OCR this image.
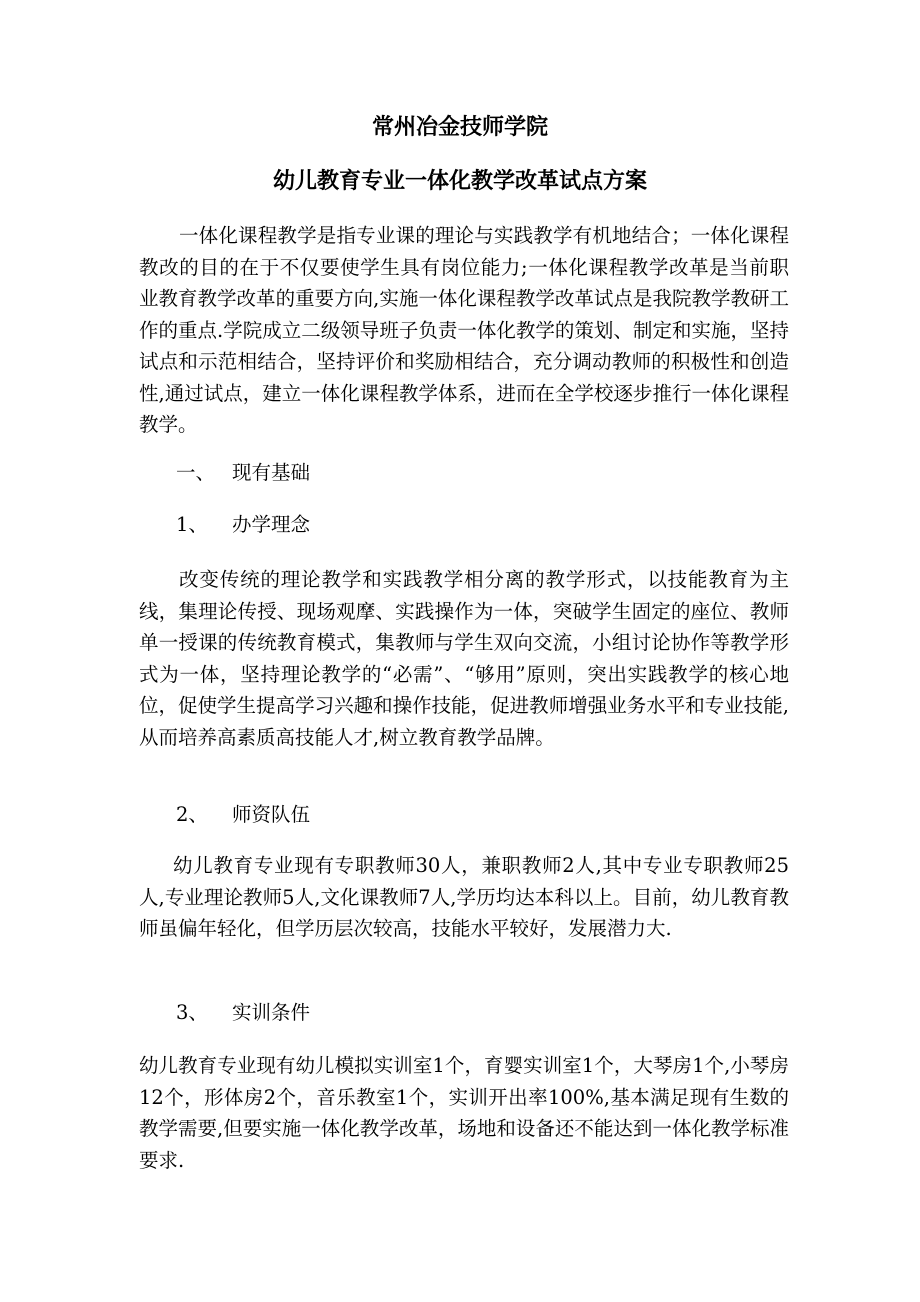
常州冶金技师学院
幼儿教育专业一体化教学改革试点方案

一体化课程教学是指专业课的理论与实践教学有机地结合；一体化课程教改的目的在于不仅要使学生具有岗位能力;一体化课程教学改革是当前职业教育教学改革的重要方向,实施一体化课程教学改革试点是我院教学教研工作的重点.学院成立二级领导班子负责一体化教学的策划、制定和实施，坚持试点和示范相结合，坚持评价和奖励相结合，充分调动教师的积极性和创造性,通过试点，建立一体化课程教学体系，进而在全学校逐步推行一体化课程教学。

一、 现有基础
1、 办学理念

改变传统的理论教学和实践教学相分离的教学形式，以技能教育为主线，集理论传授、现场观摩、实践操作为一体，突破学生固定的座位、教师单一授课的传统教育模式，集教师与学生双向交流，小组讨论协作等教学形式为一体，坚持理论教学的“必需”、“够用”原则，突出实践教学的核心地位，促使学生提高学习兴趣和操作技能，促进教师增强业务水平和专业技能,从而培养高素质高技能人才,树立教育教学品牌。

2、 师资队伍

幼儿教育专业现有专职教师30人，兼职教师2人,其中专业专职教师25人,专业理论教师5人,文化课教师7人,学历均达本科以上。目前，幼儿教育教师虽偏年轻化，但学历层次较高，技能水平较好，发展潜力大.

3、 实训条件

幼儿教育专业现有幼儿模拟实训室1个，育婴实训室1个，大琴房1个,小琴房12个，形体房2个，音乐教室1个，实训开出率100%,基本满足现有生数的教学需要,但要实施一体化教学改革，场地和设备还不能达到一体化教学标准要求.
